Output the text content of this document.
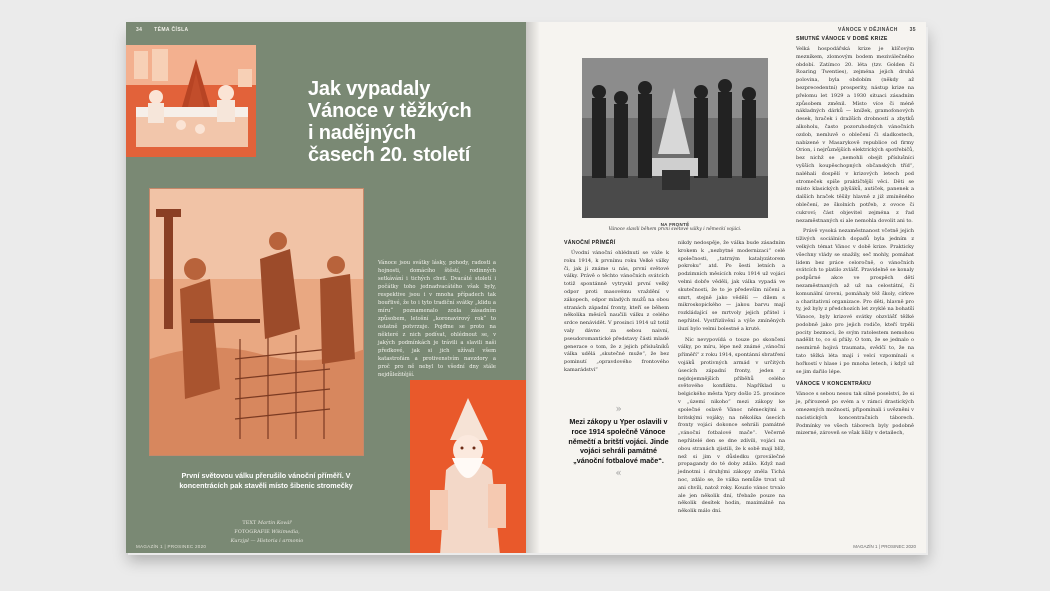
34 TÉMA ČÍSLA
Jak vypadaly
Vánoce v těžkých
i nadějných
časech 20. století
Vánoce jsou svátky lásky, pohody, radosti a hojnosti, domácího štěstí, rodinných setkávání i tichých chvil. Dvacáté století i počátky toho jednadvacátého však byly, respektive jsou i v mnoha případech tak bouřlivé, že to i tyto tradiční svátky „klidu a míru“ poznamenalo zcela zásadním způsobem, letošní „koronavirový rok“ to ostatně potvrzuje. Pojďme se proto na některé z nich podívat, ohlédnout se, v jakých podmínkách je trávili a slavili naši předkové, jak si jich užívali všem katastrofám a protivenstvím navzdory a proč pro ně nebyl to všední dny stále nejdůležitější.
První světovou válku přerušilo vánoční příměří. V koncentrácích pak stavěli místo šibenic stromečky
TEXT Martin Kovář
FOTOGRAFIE Wikimedia,
Kurzjpl — Historia i armonio
MAGAZÍN 1 | PROSINEC 2020
VÁNOCE V DĚJINÁCH 35
NA FRONTĚ
Vánoce slavili během první světové války i německí vojáci.
VÁNOČNÍ PŘÍMĚŘÍ

Úvodní vánoční ohlédnutí se váže k roku 1914, k prvnímu roku Velké války či, jak ji známe u nás, první světové války. Právě o těchto vánočních svátcích totiž spontánně vytryskl první velký odpor proti masovému vraždění v zákopech, odpor mladých mužů na obou stranách západní fronty, kteří se během několika měsíců naučili válku z celého srdce nenávidět. V prosinci 1914 už totiž valy dávno za sebou naivní, pseudoromantické představy části mladé generace o tom, že z jejich příslušníků válka udělá „skutečné muže“, že bez pominutí „opravdového frontového kamarádství“

»
Mezi zákopy u Yper oslavili v roce 1914 společně Vánoce němečtí a britští vojáci. Jinde vojáci sehráli památné „vánoční fotbalové mače“.
«

nikdy nedospěje, že válka bude zásadním krokem k „nezbytné modernizaci“ celé společnosti, „tatrným katalyzátorem pokroku“ atd. Po šesti letních a podzimních měsících roku 1914 už vojáci velmi dobře věděli, jak válka vypadá ve skutečnosti, že to je především ničení a smrt, stejně jako vědělí — dílem s mikroskopického — jakou barvu mají rozkládající se mrtvoly jejich přátel i nepřátel. Vystřízlivění a výše zmíněných iluzí bylo velmi bolestné a kruté.

Nic nevypovídá o touze po skončení války, po míru, lépe než známé „vánoční příměří“ z roku 1914, spontánní sbratření vojáků protivných armád v určitých úsecích západní fronty, jeden z nejdojemnějších příběhů celého světového konfliktu. Například u belgického města Ypry došlo 25. prosince v „území nikoho“ mezi zákopy ke společné oslavě Vánoc německými a britskými vojáky; na několika úsecích fronty vojáci dokonce sehráli památné „vánoční fotbalové mače“. Večerně nepřátelé den se dne zdívili, vojáci na obou stranách zjistili, že k sobě mají blíž, než si jim v důsledku (proválečné propagandy do té doby zdálo. Když nad jednotmi i druhými zákopy zněla Tichá noc, zdálo se, že válka nemůže trvat už ani chvíli, natož roky. Kouzlo vánoc trvalo ale jen několik dní, třebaže pouze na několik desítek hodin, maximálně na několik málo dní.

SMUTNÉ VÁNOCE V DOBĚ KRIZE

Velká hospodářská krize je klíčovým mezníkem, zlomovým bodem meziválečného období. Zatímco 20. léta (tzv. Golden či Roaring Twenties), zejména jejich druhá polovina, byla obdobím (někdy až bezprecedentní) prosperity, nástup krize na přelomu let 1929 a 1930 situaci zásadním způsobem změnil. Místo více či méně nákladných dárků — knížek, gramofonových desek, hraček i dražších drobností a zbytků alkoholu, často pozoruhodných vánočních ozdob, nemluvě o oblečení či sladkostech, nabízené v Masarykově republice od firmy Orion, i nejrůznějších elektrických spotřebičů, bez nichž se „nemohli obejít příslušníci vyšších koupěschopných občanských tříd“, naléhali dospělí v krizových letech pod stromeček spíše praktičtější věci. Děti se místo klasických plyšáků, autíček, panenek a dalších hraček těšily hlavně z již zmíněného oblečení, ze školních potřeb, z ovoce či cukroví; část objevitel zejména z řad nezaměstnaných si ale nemohla dovolit ani to.

Právě vysoká nezaměstnanost včetně jejich tíživých sociálních dopadů byla jedním z velkých témat Vánoc v době krize. Prakticky všechny vlády se snažily, seč mohly, pomáhat lidem bez práce celoročně, o vánočních svátcích to platilo zvlášť. Pravidelně se konaly podpůrné akce ve prospěch dětí nezaměstnaných až už na celostátní, či komunální úrovni, pomáhaly též školy, církve a charitativní organizace. Pro děti, hlavně pro ty, jež byly z předchozích let zvyklé na bohatší Vánoce, byly krizové svátky obzvlášť těžké podobně jako pro jejich rodiče, kteří trpěli pocity bezmoci, že svým ratolestem nemohou nadělit to, co si přály. O tom, že se jednalo o nesmírně hojivá traumata, svědčí to, že na tato těžká léta mají i velcí vzpomínali s hořkostí v hlase i po mnoha letech, i když už se jim dařilo lépe.

VÁNOCE V KONCENTRÁKU

Vánoce s sebou nesou tak silné poselství, že si je, přirozeně po svém a v rámci drastických omezených možností, připomínali i uvězněni v nacistických koncentračních táborech. Podmínky ve všech táborech byly podobně mizerné, zároveň se však lišily v detailech,

MAGAZÍN 1 | PROSINEC 2020
